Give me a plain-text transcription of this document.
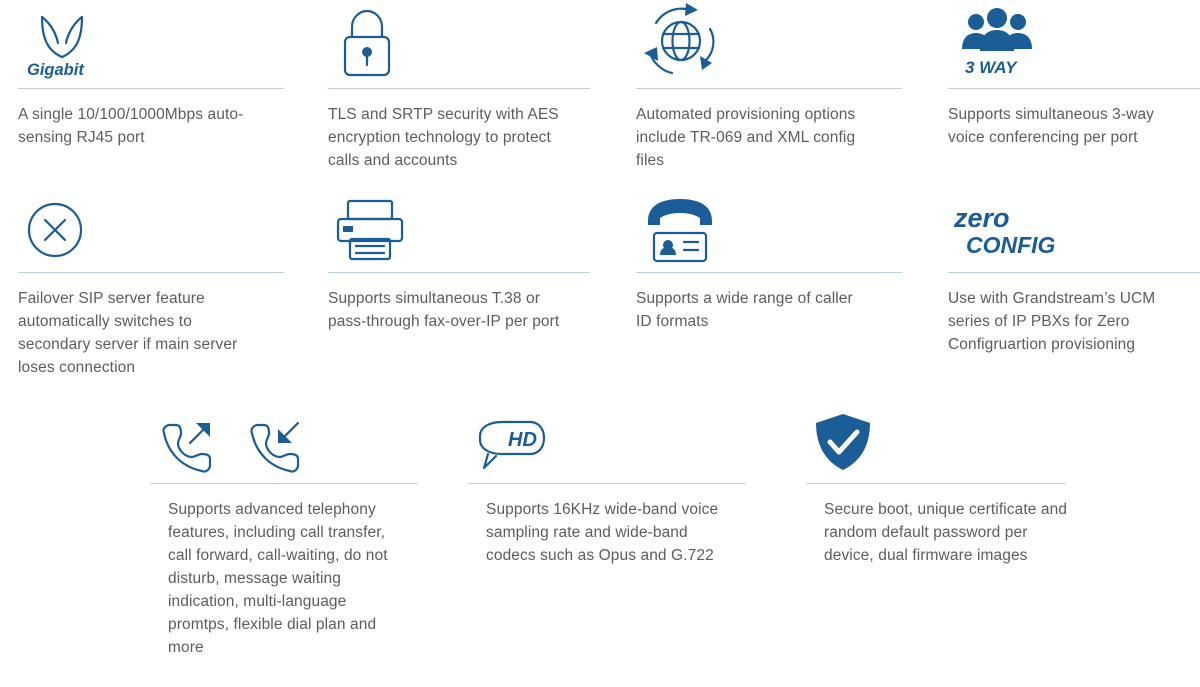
Gigabit
A single 10/100/1000Mbps auto-sensing RJ45 port
TLS and SRTP security with AES encryption technology to protect calls and accounts
Automated provisioning options include TR-069 and XML config files
3 WAY
Supports simultaneous 3-way voice conferencing per port
Failover SIP server feature automatically switches to secondary server if main server loses connection
Supports simultaneous T.38 or pass-through fax-over-IP per port
Supports a wide range of caller ID formats
zero
CONFIG
Use with Grandstream’s UCM series of IP PBXs for Zero Configruartion provisioning
Supports advanced telephony features, including call transfer, call forward, call-waiting, do not disturb, message waiting indication, multi-language promtps, flexible dial plan and more
HD
Supports 16KHz wide-band voice sampling rate and wide-band codecs such as Opus and G.722
Secure boot, unique certificate and random default password per device, dual firmware images
